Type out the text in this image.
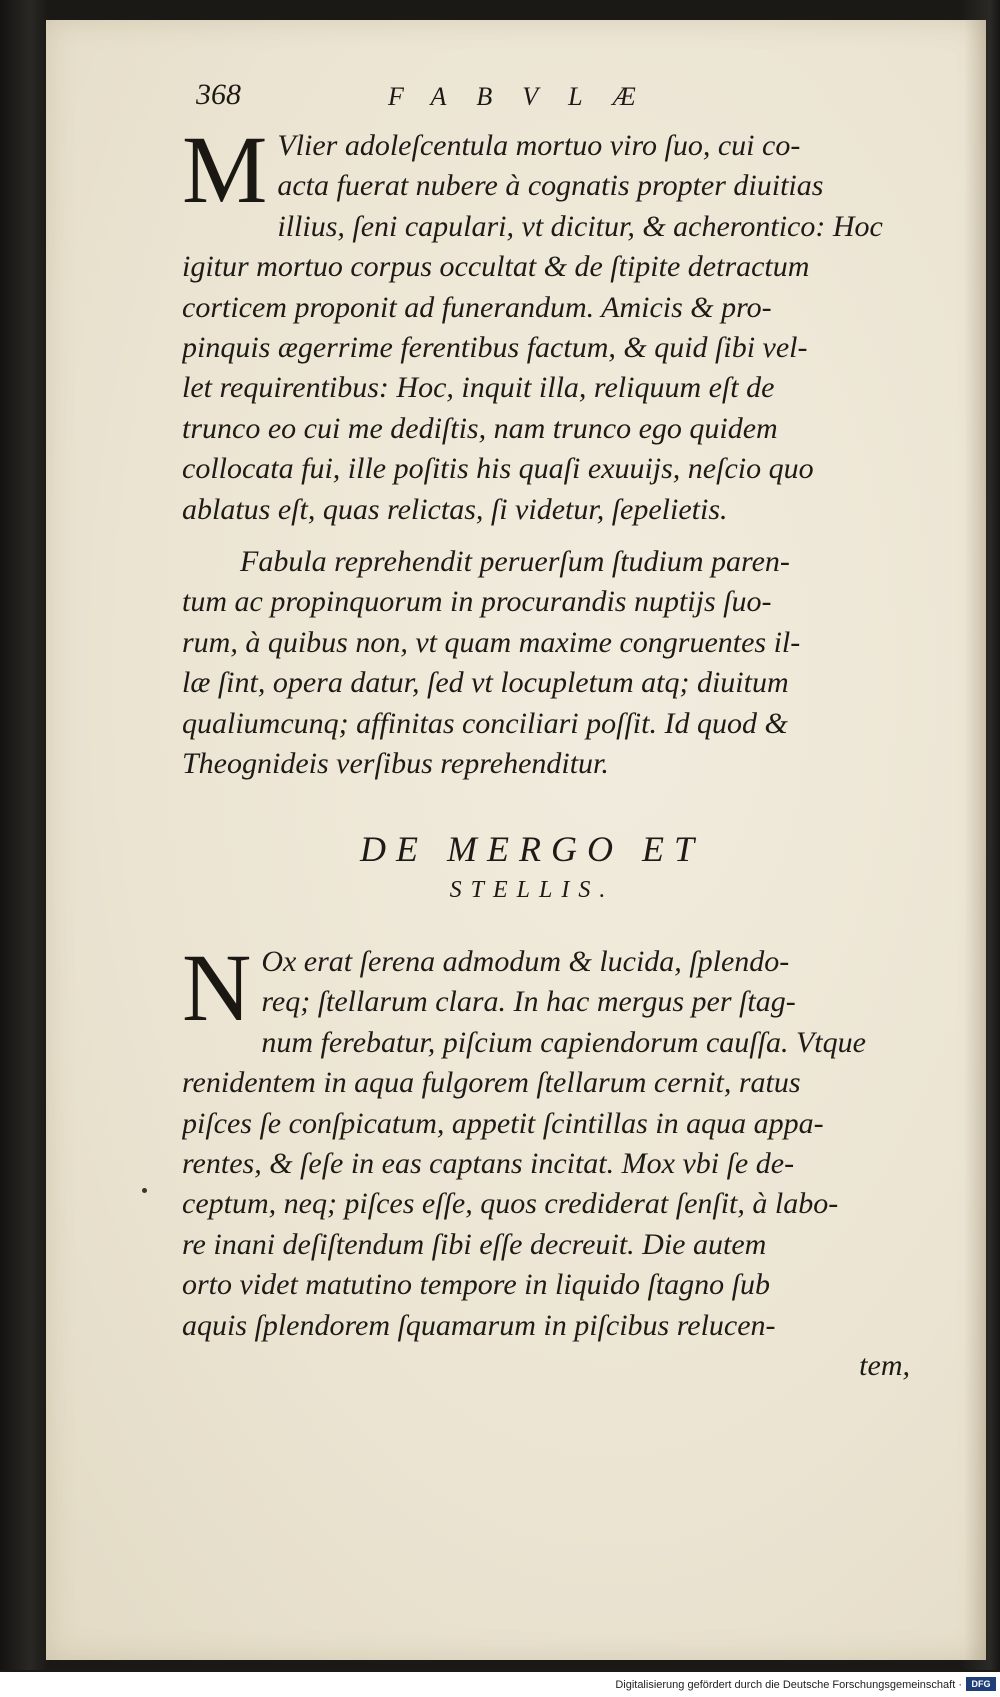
368	FABVLÆ
M Vlier adoleſcentula mortuo viro ſuo, cui co-
acta fuerat nubere à cognatis propter diuitias
illius, ſeni capulari, vt dicitur, & acherontico: Hoc
igitur mortuo corpus occultat & de ſtipite detractum
corticem proponit ad funerandum. Amicis & pro-
pinquis ægerrime ferentibus factum, & quid ſibi vel-
let requirentibus: Hoc, inquit illa, reliquum eſt de
trunco eo cui me dediſtis, nam trunco ego quidem
collocata fui, ille poſitis his quaſi exuuijs, neſcio quo
ablatus eſt, quas relictas, ſi videtur, ſepelietis.
Fabula reprehendit peruerſum ſtudium paren-
tum ac propinquorum in procurandis nuptijs ſuo-
rum, à quibus non, vt quam maxime congruentes il-
læ ſint, opera datur, ſed vt locupletum atq; diuitum
qualiumcunq; affinitas conciliari poſſit. Id quod &
Theognideis verſibus reprehenditur.
DE MERGO ET
STELLIS.
N Ox erat ſerena admodum & lucida, ſplendo-
req; ſtellarum clara. In hac mergus per ſtag-
num ferebatur, piſcium capiendorum cauſſa. Vtque
renidentem in aqua fulgorem ſtellarum cernit, ratus
piſces ſe conſpicatum, appetit ſcintillas in aqua appa-
rentes, & ſeſe in eas captans incitat. Mox vbi ſe de-
ceptum, neq; piſces eſſe, quos crediderat ſenſit, à labo-
re inani deſiſtendum ſibi eſſe decreuit. Die autem
orto videt matutino tempore in liquido ſtagno ſub
aquis ſplendorem ſquamarum in piſcibus relucen-
tem,
Digitalisierung gefördert durch die Deutsche Forschungsgemeinschaft ·	DFG
